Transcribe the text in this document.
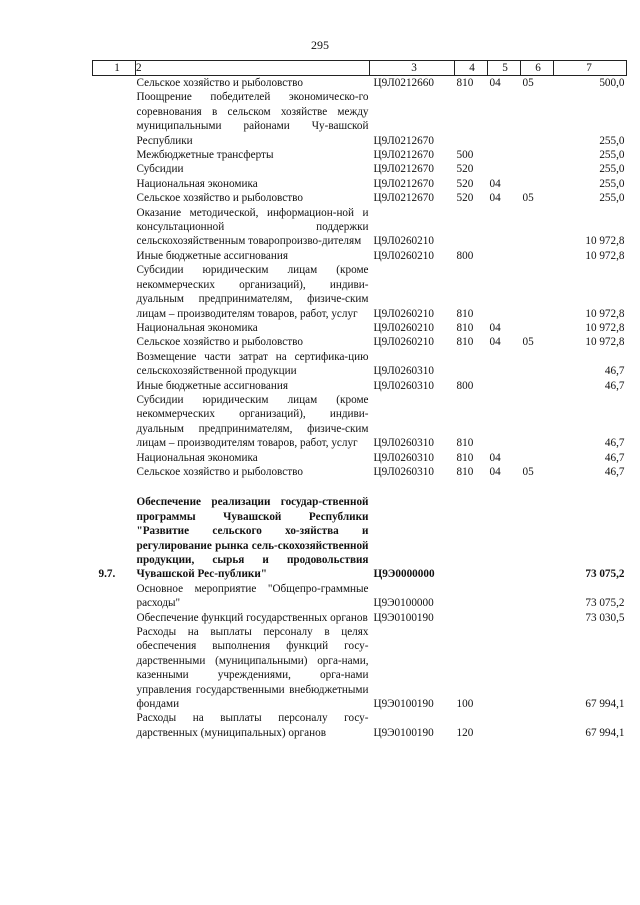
295
1	2	3	4	5	6	7
	Сельское хозяйство и рыболовство	Ц9Л0212660	810	04	05	500,0
	Поощрение победителей экономическо-го соревнования в сельском хозяйстве между муниципальными районами Чу-вашской Республики	Ц9Л0212670				255,0
	Межбюджетные трансферты	Ц9Л0212670	500			255,0
	Субсидии	Ц9Л0212670	520			255,0
	Национальная экономика	Ц9Л0212670	520	04		255,0
	Сельское хозяйство и рыболовство	Ц9Л0212670	520	04	05	255,0
	Оказание методической, информацион-ной и консультационной поддержки сельскохозяйственным товаропроизво-дителям	Ц9Л0260210				10 972,8
	Иные бюджетные ассигнования	Ц9Л0260210	800			10 972,8
	Субсидии юридическим лицам (кроме некоммерческих организаций), индиви-дуальным предпринимателям, физиче-ским лицам – производителям товаров, работ, услуг	Ц9Л0260210	810			10 972,8
	Национальная экономика	Ц9Л0260210	810	04		10 972,8
	Сельское хозяйство и рыболовство	Ц9Л0260210	810	04	05	10 972,8
	Возмещение части затрат на сертифика-цию сельскохозяйственной продукции	Ц9Л0260310				46,7
	Иные бюджетные ассигнования	Ц9Л0260310	800			46,7
	Субсидии юридическим лицам (кроме некоммерческих организаций), индиви-дуальным предпринимателям, физиче-ским лицам – производителям товаров, работ, услуг	Ц9Л0260310	810			46,7
	Национальная экономика	Ц9Л0260310	810	04		46,7
	Сельское хозяйство и рыболовство	Ц9Л0260310	810	04	05	46,7

9.7.	Обеспечение реализации государ-ственной программы Чувашской Республики "Развитие сельского хо-зяйства и регулирование рынка сель-скохозяйственной продукции, сырья и продовольствия Чувашской Рес-публики"	Ц9Э0000000				73 075,2
	Основное мероприятие "Общепро-граммные расходы"	Ц9Э0100000				73 075,2
	Обеспечение функций государственных органов	Ц9Э0100190				73 030,5
	Расходы на выплаты персоналу в целях обеспечения выполнения функций госу-дарственными (муниципальными) орга-нами, казенными учреждениями, орга-нами управления государственными внебюджетными фондами	Ц9Э0100190	100			67 994,1
	Расходы на выплаты персоналу госу-дарственных (муниципальных) органов	Ц9Э0100190	120			67 994,1
